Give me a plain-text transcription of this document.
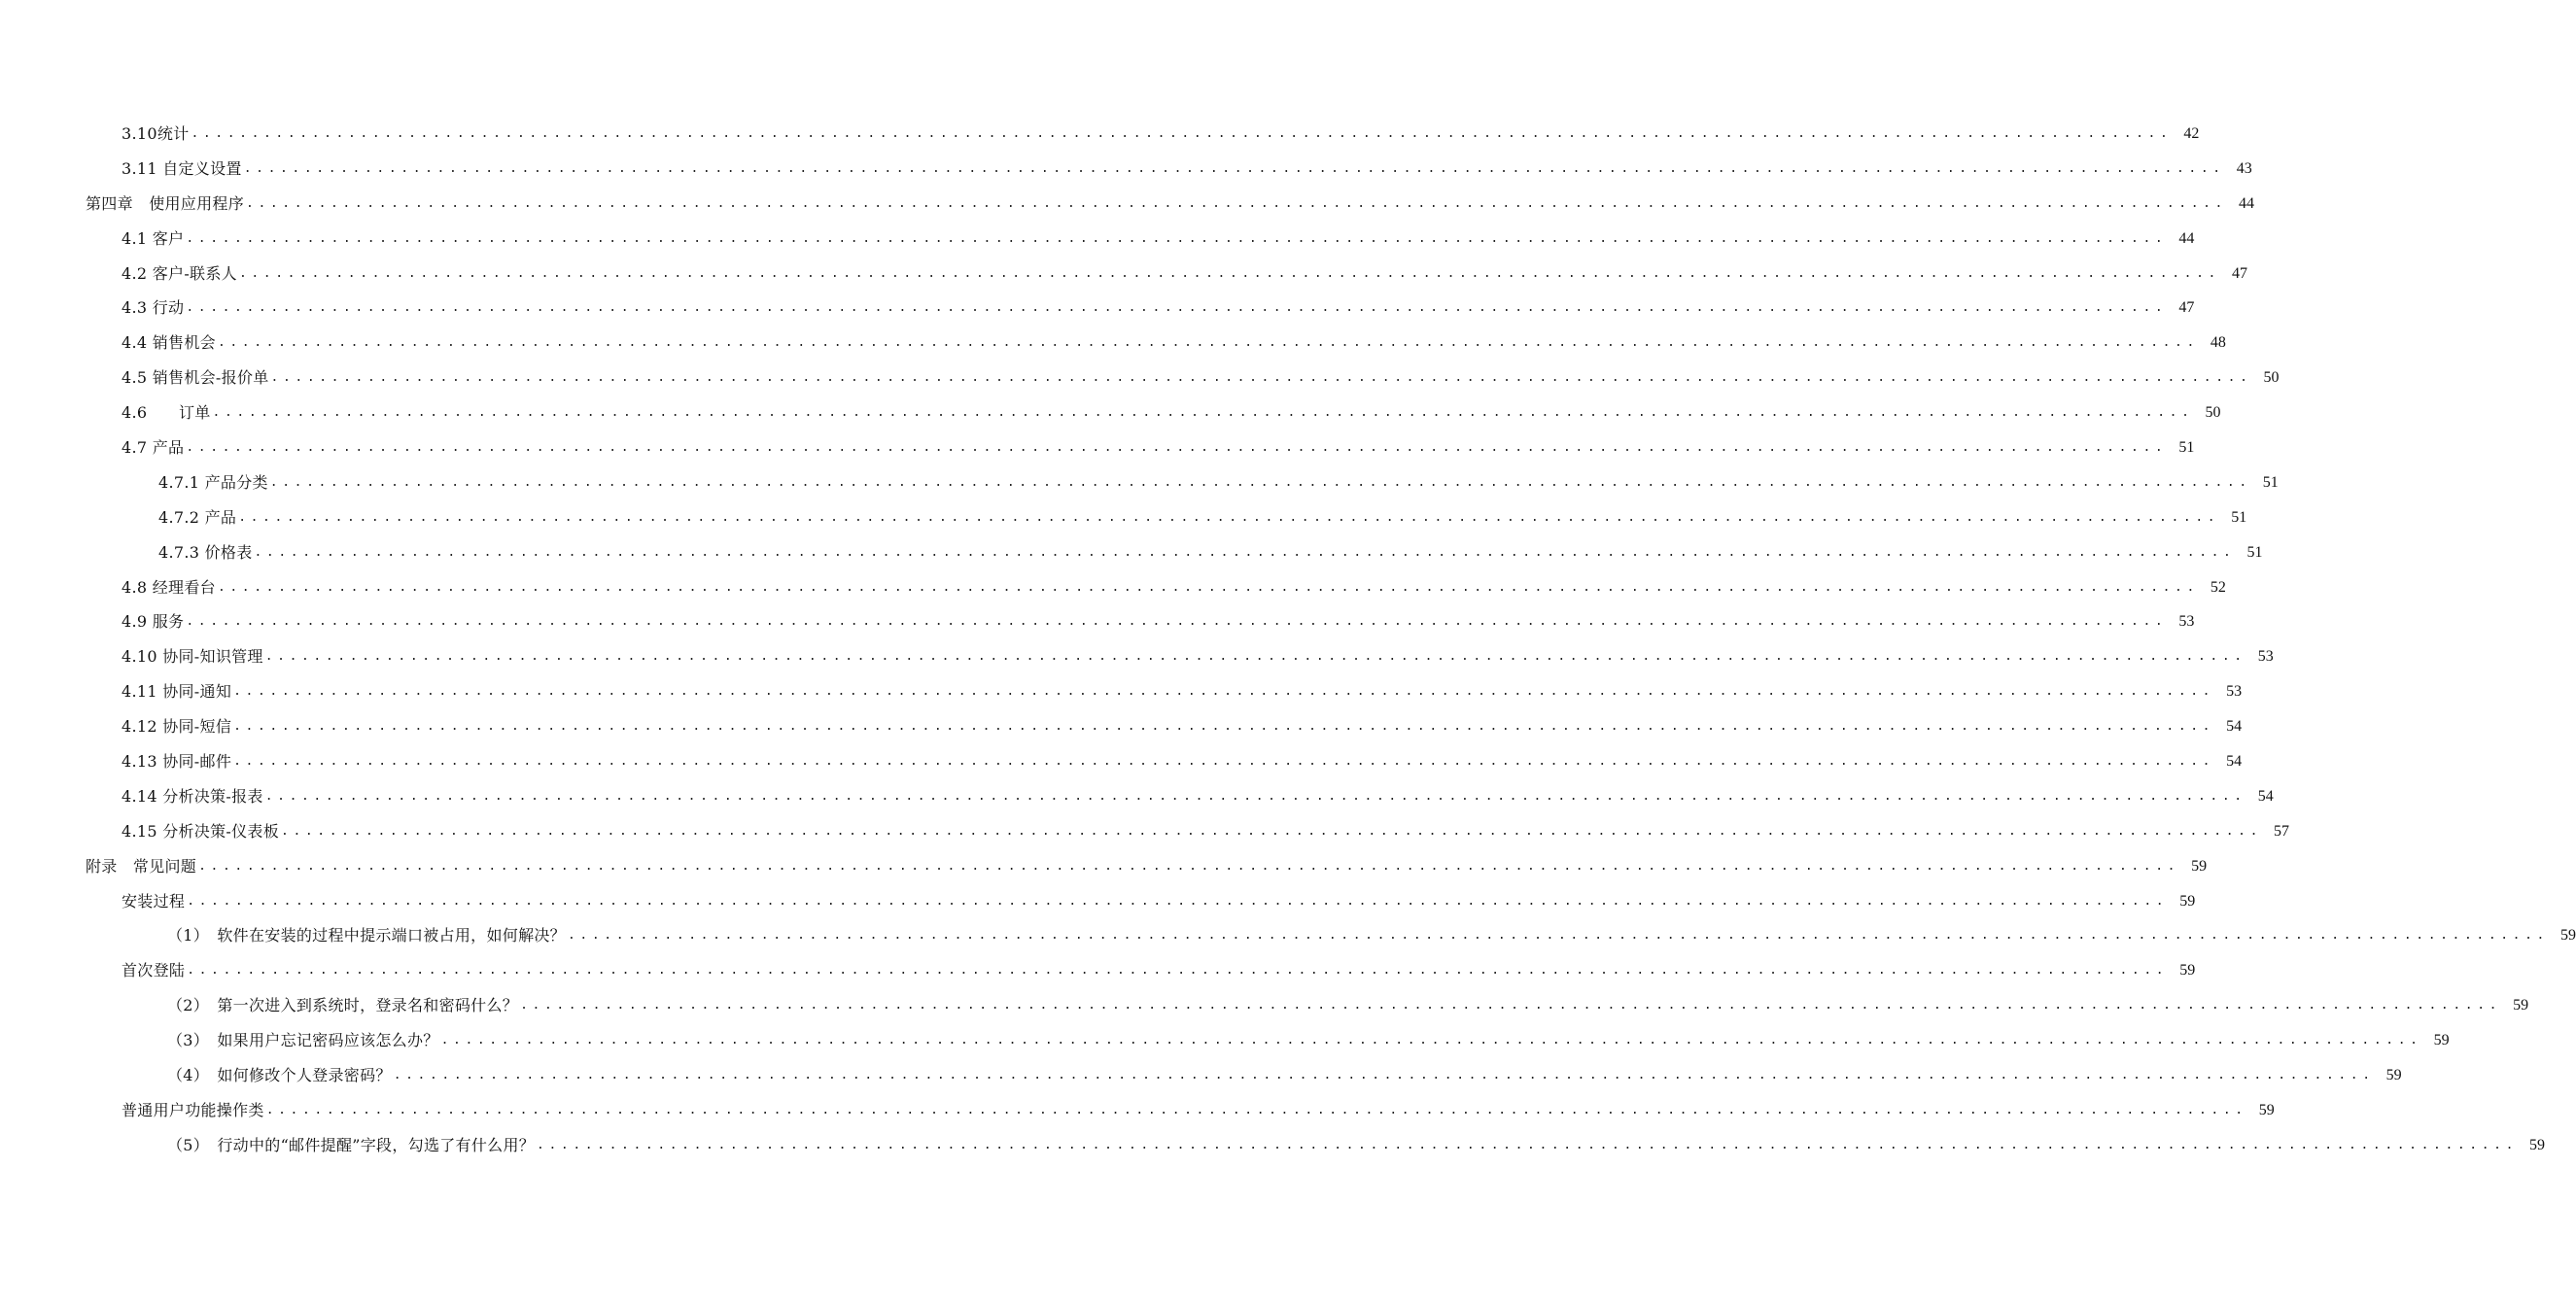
3.10统计 .................................................................................................................................................................... 42
3.11 自定义设置 .................................................................................................................................................................... 43
第四章　使用应用程序 .................................................................................................................................................................... 44
4.1 客户 .................................................................................................................................................................... 44
4.2 客户-联系人 .................................................................................................................................................................... 47
4.3 行动 .................................................................................................................................................................... 47
4.4 销售机会 .................................................................................................................................................................... 48
4.5 销售机会-报价单 .................................................................................................................................................................... 50
4.6　　订单 .................................................................................................................................................................... 50
4.7 产品 .................................................................................................................................................................... 51
4.7.1 产品分类 .................................................................................................................................................................... 51
4.7.2 产品 .................................................................................................................................................................... 51
4.7.3 价格表 .................................................................................................................................................................... 51
4.8 经理看台 .................................................................................................................................................................... 52
4.9 服务 .................................................................................................................................................................... 53
4.10 协同-知识管理 .................................................................................................................................................................... 53
4.11 协同-通知 .................................................................................................................................................................... 53
4.12 协同-短信 .................................................................................................................................................................... 54
4.13 协同-邮件 .................................................................................................................................................................... 54
4.14 分析决策-报表 .................................................................................................................................................................... 54
4.15 分析决策-仪表板 .................................................................................................................................................................... 57
附录　常见问题 .................................................................................................................................................................... 59
安装过程 .................................................................................................................................................................... 59
（1）　软件在安装的过程中提示端口被占用，如何解决？ .................................................................................................................................................................... 59
首次登陆 .................................................................................................................................................................... 59
（2）　第一次进入到系统时，登录名和密码什么？ .................................................................................................................................................................... 59
（3）　如果用户忘记密码应该怎么办？ .................................................................................................................................................................... 59
（4）　如何修改个人登录密码？ .................................................................................................................................................................... 59
普通用户功能操作类 .................................................................................................................................................................... 59
（5）　行动中的“邮件提醒”字段，勾选了有什么用？ .................................................................................................................................................................... 59
